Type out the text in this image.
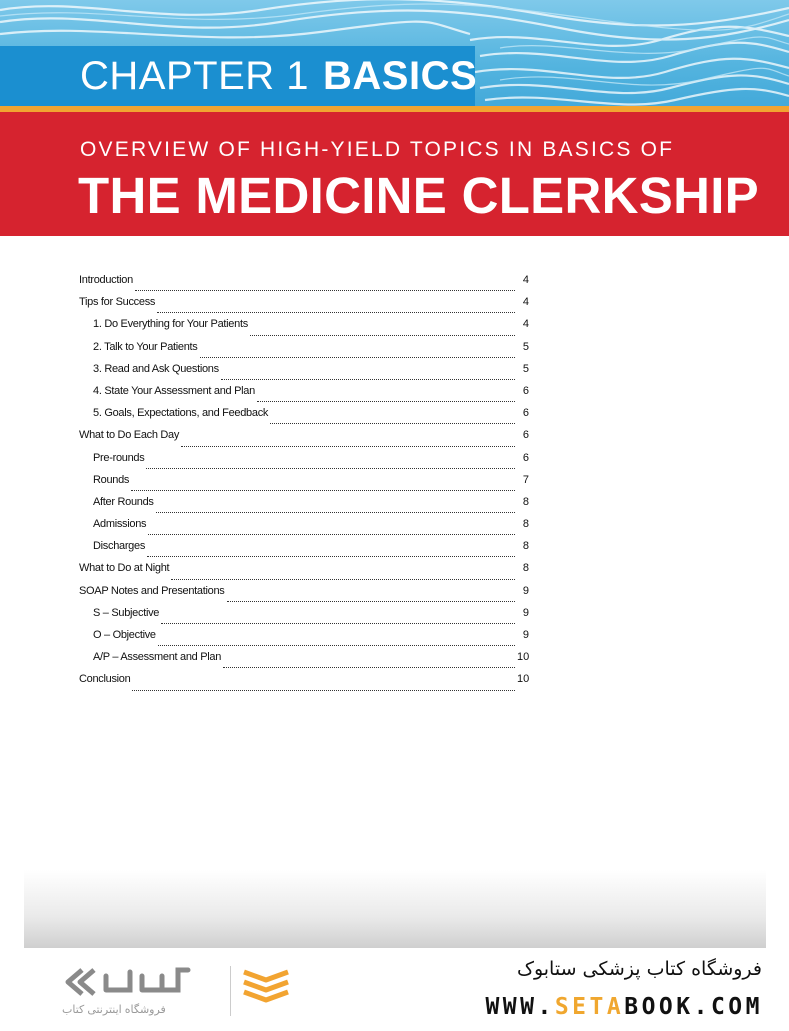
CHAPTER 1 BASICS
OVERVIEW OF HIGH-YIELD TOPICS IN BASICS OF
THE MEDICINE CLERKSHIP
Introduction	4
Tips for Success	4
1. Do Everything for Your Patients	4
2. Talk to Your Patients	5
3. Read and Ask Questions	5
4. State Your Assessment and Plan	6
5. Goals, Expectations, and Feedback	6
What to Do Each Day	6
Pre-rounds	6
Rounds	7
After Rounds	8
Admissions	8
Discharges	8
What to Do at Night	8
SOAP Notes and Presentations	9
S – Subjective	9
O – Objective	9
A/P – Assessment and Plan	10
Conclusion	10
فروشگاه اینترنتی کتاب
فروشگاه کتاب پزشکی ستابوک
WWW.SETABOOK.COM
